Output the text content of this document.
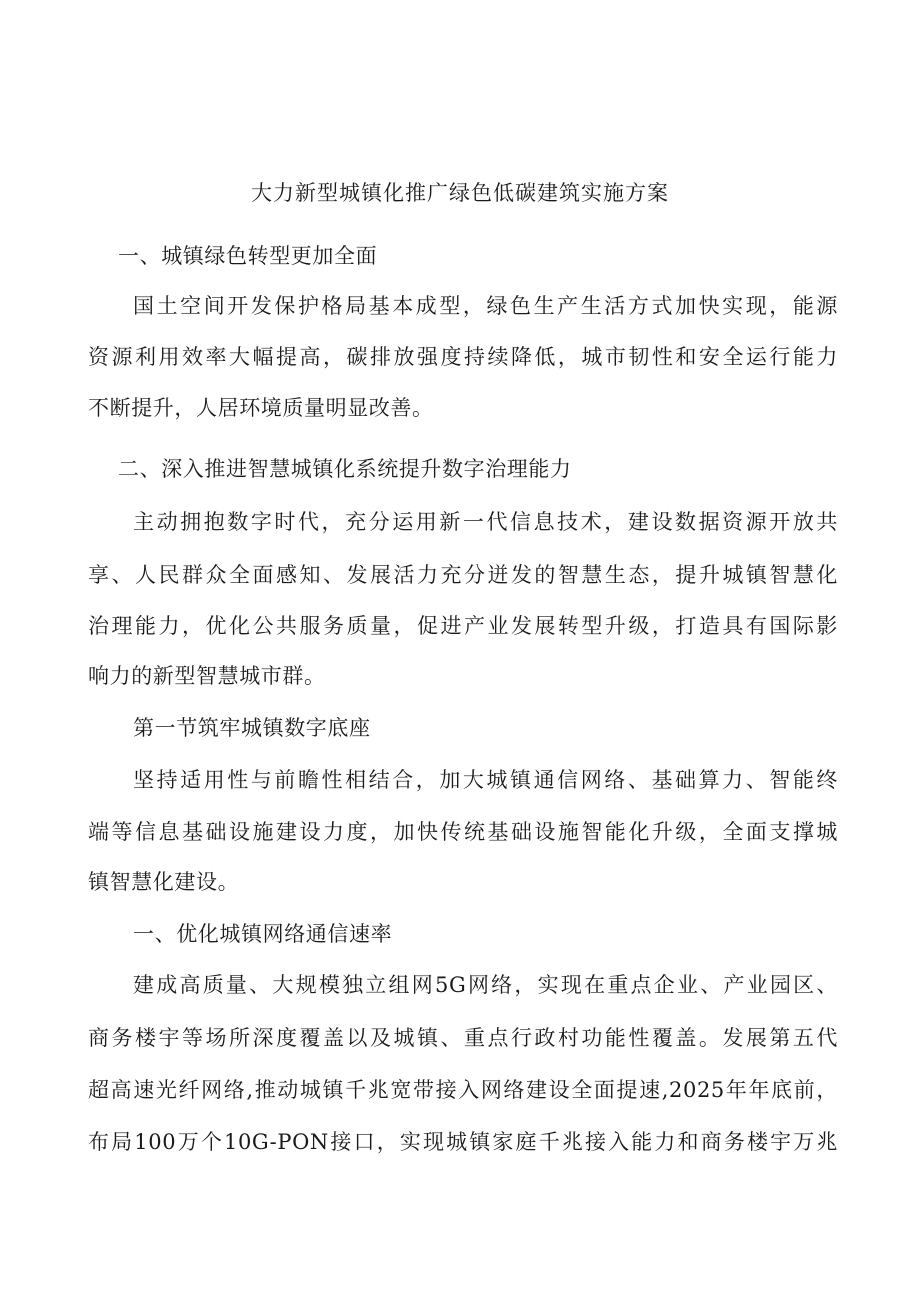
大力新型城镇化推广绿色低碳建筑实施方案
一、城镇绿色转型更加全面
国土空间开发保护格局基本成型，绿色生产生活方式加快实现，能源
资源利用效率大幅提高，碳排放强度持续降低，城市韧性和安全运行能力
不断提升，人居环境质量明显改善。
二、深入推进智慧城镇化系统提升数字治理能力
主动拥抱数字时代，充分运用新一代信息技术，建设数据资源开放共
享、人民群众全面感知、发展活力充分迸发的智慧生态，提升城镇智慧化
治理能力，优化公共服务质量，促进产业发展转型升级，打造具有国际影
响力的新型智慧城市群。
第一节筑牢城镇数字底座
坚持适用性与前瞻性相结合，加大城镇通信网络、基础算力、智能终
端等信息基础设施建设力度，加快传统基础设施智能化升级，全面支撑城
镇智慧化建设。
一、优化城镇网络通信速率
建成高质量、大规模独立组网5G网络，实现在重点企业、产业园区、
商务楼宇等场所深度覆盖以及城镇、重点行政村功能性覆盖。发展第五代
超高速光纤网络,推动城镇千兆宽带接入网络建设全面提速,2025年年底前，
布局100万个10G-PON接口，实现城镇家庭千兆接入能力和商务楼宇万兆
